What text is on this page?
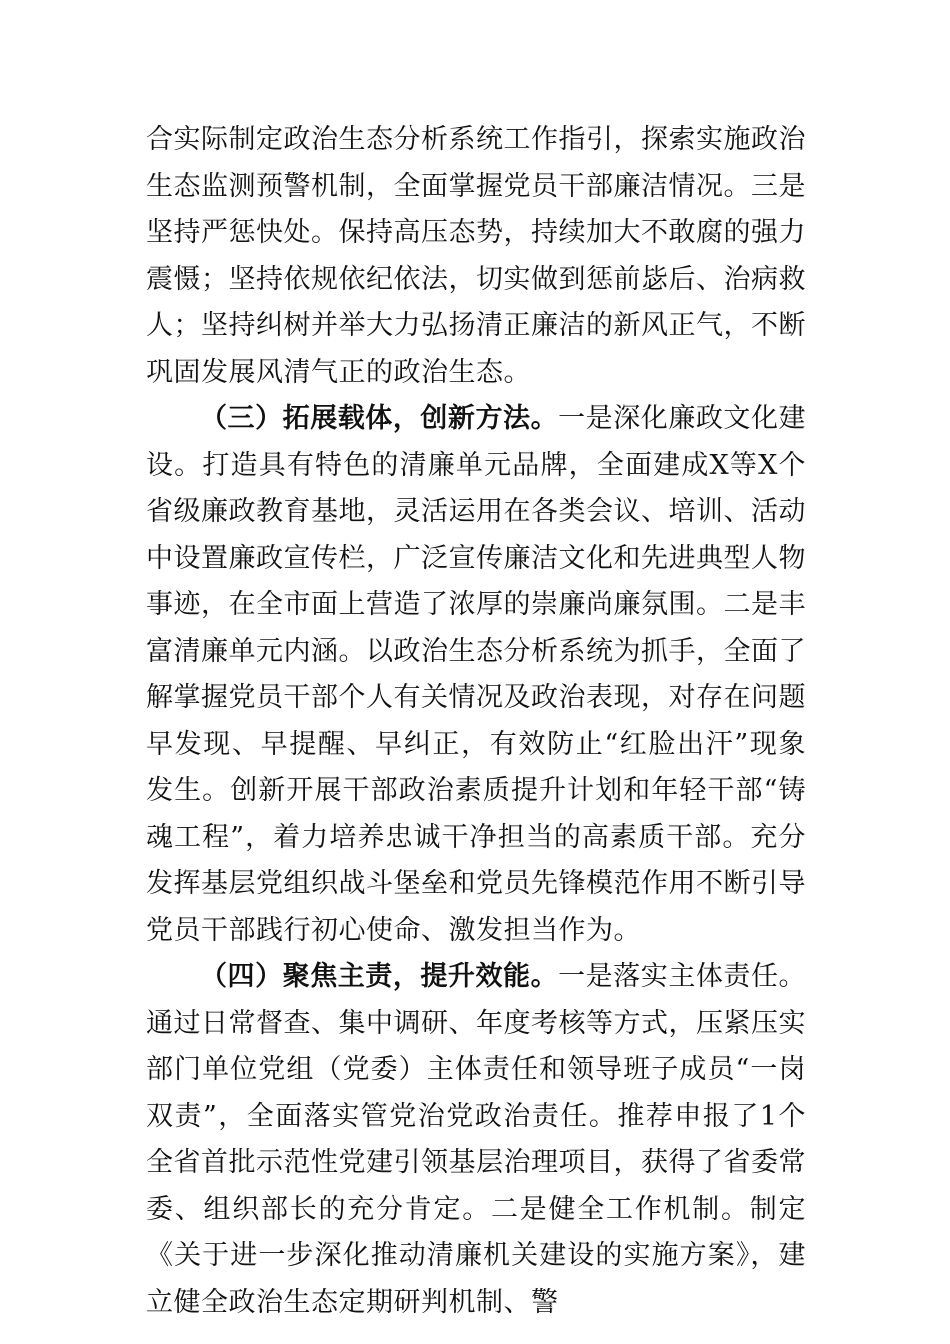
合实际制定政治生态分析系统工作指引，探索实施政治生态监测预警机制，全面掌握党员干部廉洁情况。三是坚持严惩快处。保持高压态势，持续加大不敢腐的强力震慑；坚持依规依纪依法，切实做到惩前毖后、治病救人；坚持纠树并举大力弘扬清正廉洁的新风正气，不断巩固发展风清气正的政治生态。

（三）拓展载体，创新方法。一是深化廉政文化建设。打造具有特色的清廉单元品牌，全面建成X等X个省级廉政教育基地，灵活运用在各类会议、培训、活动中设置廉政宣传栏，广泛宣传廉洁文化和先进典型人物事迹，在全市面上营造了浓厚的崇廉尚廉氛围。二是丰富清廉单元内涵。以政治生态分析系统为抓手，全面了解掌握党员干部个人有关情况及政治表现，对存在问题早发现、早提醒、早纠正，有效防止“红脸出汗”现象发生。创新开展干部政治素质提升计划和年轻干部“铸魂工程”，着力培养忠诚干净担当的高素质干部。充分发挥基层党组织战斗堡垒和党员先锋模范作用不断引导党员干部践行初心使命、激发担当作为。

（四）聚焦主责，提升效能。一是落实主体责任。通过日常督查、集中调研、年度考核等方式，压紧压实部门单位党组（党委）主体责任和领导班子成员“一岗双责”，全面落实管党治党政治责任。推荐申报了1个全省首批示范性党建引领基层治理项目，获得了省委常委、组织部长的充分肯定。二是健全工作机制。制定《关于进一步深化推动清廉机关建设的实施方案》，建立健全政治生态定期研判机制、警
